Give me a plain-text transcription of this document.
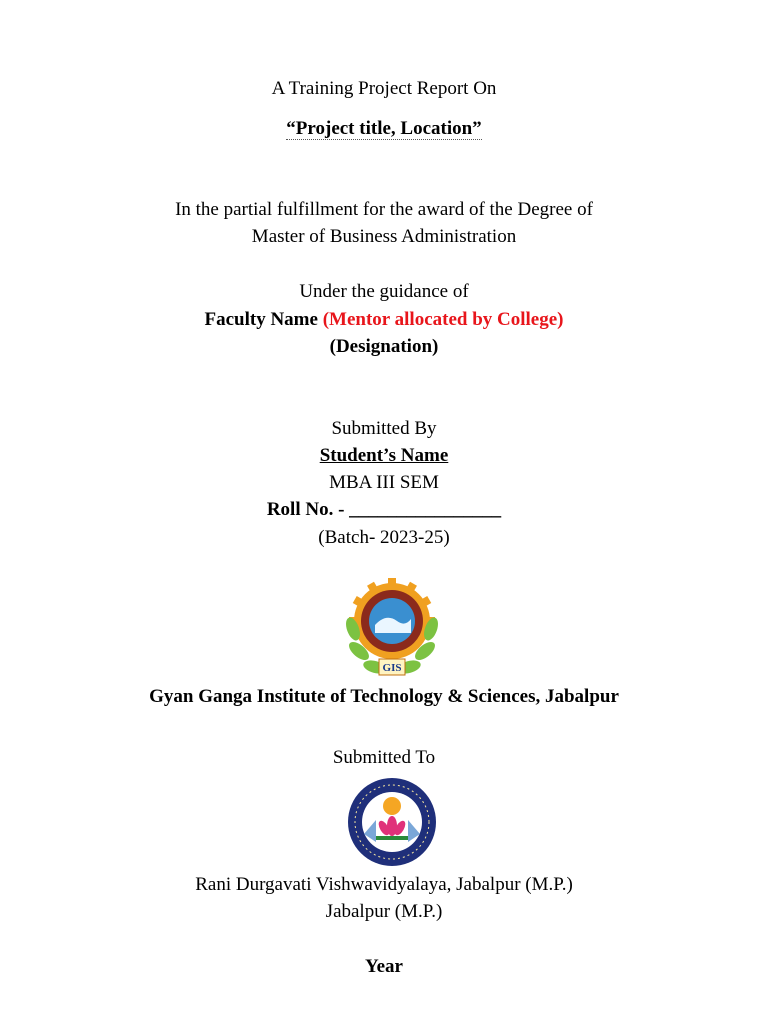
A Training Project Report On
“Project title, Location”
In the partial fulfillment for the award of the Degree of
Master of Business Administration
Under the guidance of
Faculty Name (Mentor allocated by College)
(Designation)
Submitted By
Student’s Name
MBA III SEM
Roll No. - ________________
(Batch- 2023-25)
GIS
Gyan Ganga Institute of Technology & Sciences, Jabalpur
Submitted To
Rani Durgavati Vishwavidyalaya, Jabalpur (M.P.)
Jabalpur (M.P.)
Year
